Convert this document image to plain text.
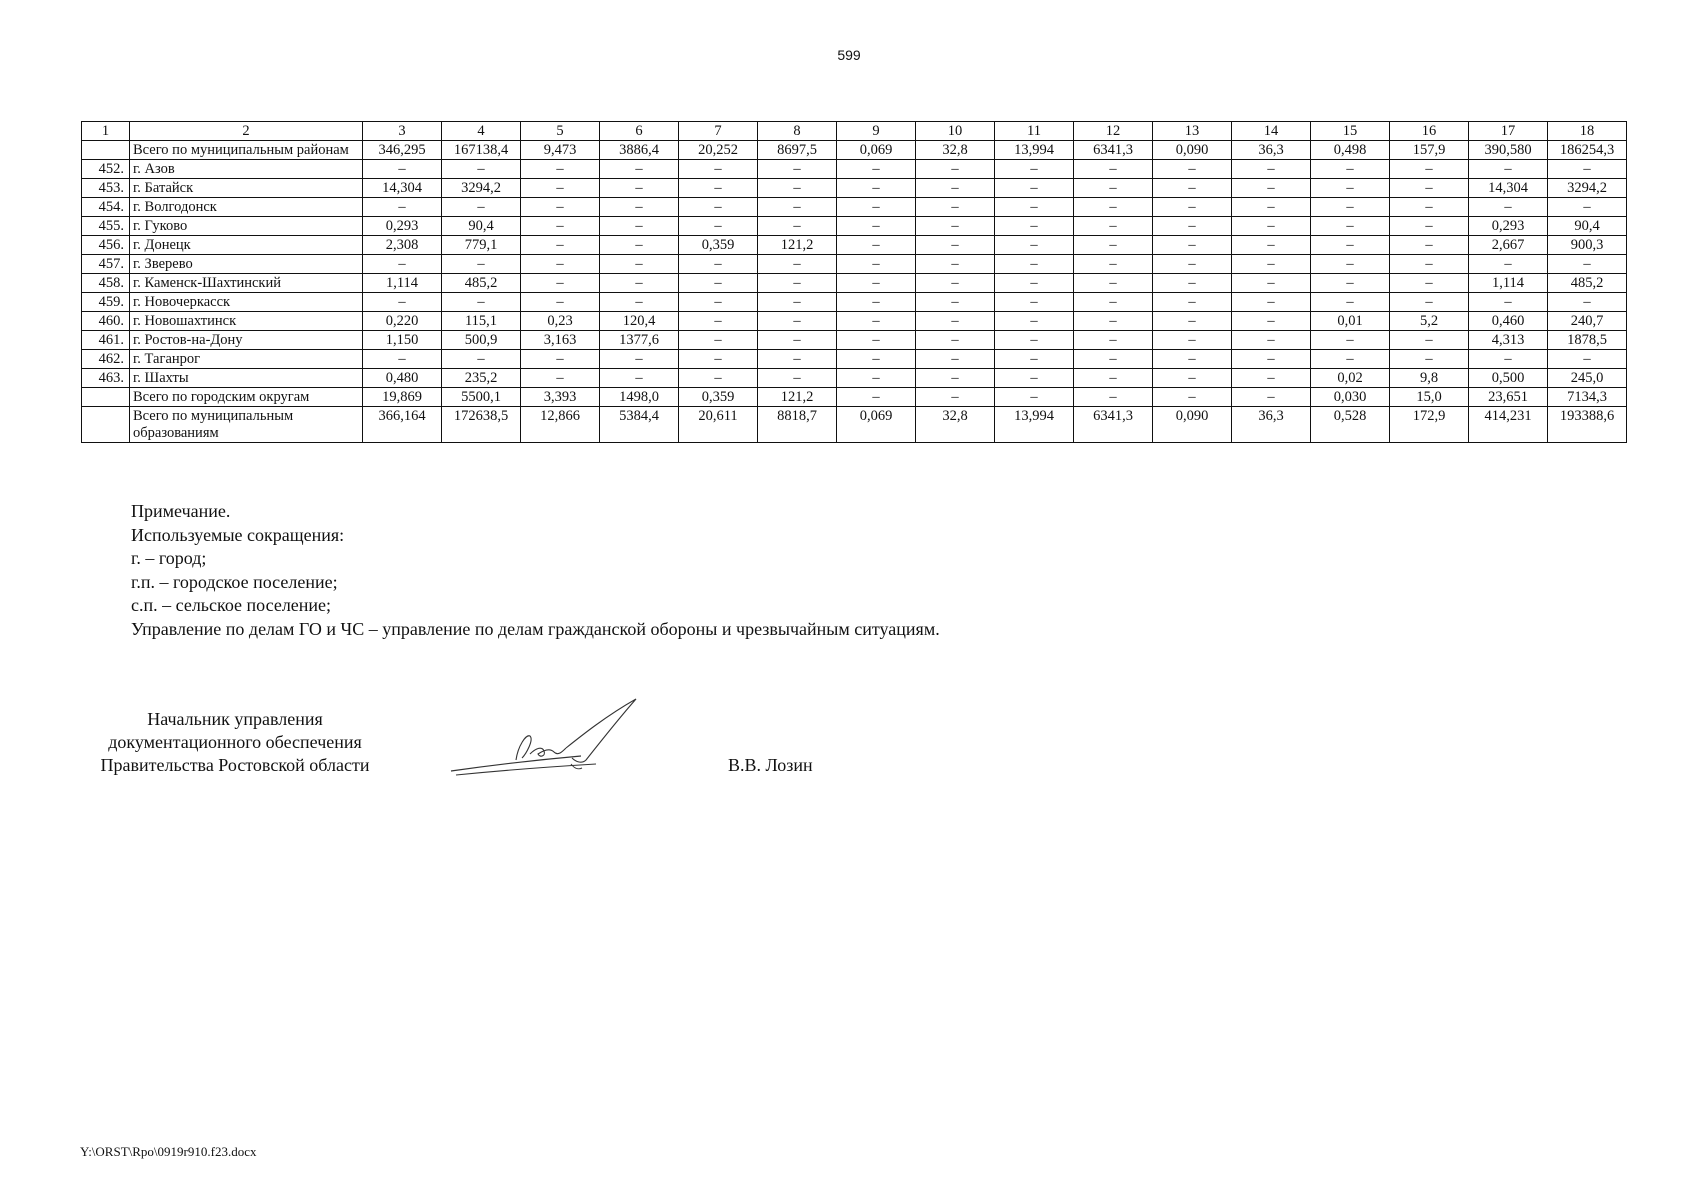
599
1	2	3	4	5	6	7	8	9	10	11	12	13	14	15	16	17	18
	Всего по муниципальным районам	346,295	167138,4	9,473	3886,4	20,252	8697,5	0,069	32,8	13,994	6341,3	0,090	36,3	0,498	157,9	390,580	186254,3
452.	г. Азов	–	–	–	–	–	–	–	–	–	–	–	–	–	–	–	–
453.	г. Батайск	14,304	3294,2	–	–	–	–	–	–	–	–	–	–	–	–	14,304	3294,2
454.	г. Волгодонск	–	–	–	–	–	–	–	–	–	–	–	–	–	–	–	–
455.	г. Гуково	0,293	90,4	–	–	–	–	–	–	–	–	–	–	–	–	0,293	90,4
456.	г. Донецк	2,308	779,1	–	–	0,359	121,2	–	–	–	–	–	–	–	–	2,667	900,3
457.	г. Зверево	–	–	–	–	–	–	–	–	–	–	–	–	–	–	–	–
458.	г. Каменск-Шахтинский	1,114	485,2	–	–	–	–	–	–	–	–	–	–	–	–	1,114	485,2
459.	г. Новочеркасск	–	–	–	–	–	–	–	–	–	–	–	–	–	–	–	–
460.	г. Новошахтинск	0,220	115,1	0,23	120,4	–	–	–	–	–	–	–	–	0,01	5,2	0,460	240,7
461.	г. Ростов-на-Дону	1,150	500,9	3,163	1377,6	–	–	–	–	–	–	–	–	–	–	4,313	1878,5
462.	г. Таганрог	–	–	–	–	–	–	–	–	–	–	–	–	–	–	–	–
463.	г. Шахты	0,480	235,2	–	–	–	–	–	–	–	–	–	–	0,02	9,8	0,500	245,0
	Всего по городским округам	19,869	5500,1	3,393	1498,0	0,359	121,2	–	–	–	–	–	–	0,030	15,0	23,651	7134,3
	Всего по муниципальным образованиям	366,164	172638,5	12,866	5384,4	20,611	8818,7	0,069	32,8	13,994	6341,3	0,090	36,3	0,528	172,9	414,231	193388,6
Примечание.
Используемые сокращения:
г. – город;
г.п. – городское поселение;
с.п. – сельское поселение;
Управление по делам ГО и ЧС – управление по делам гражданской обороны и чрезвычайным ситуациям.
Начальник управления
документационного обеспечения
Правительства Ростовской области	В.В. Лозин
Y:\ORST\Rpo\0919r910.f23.docx
